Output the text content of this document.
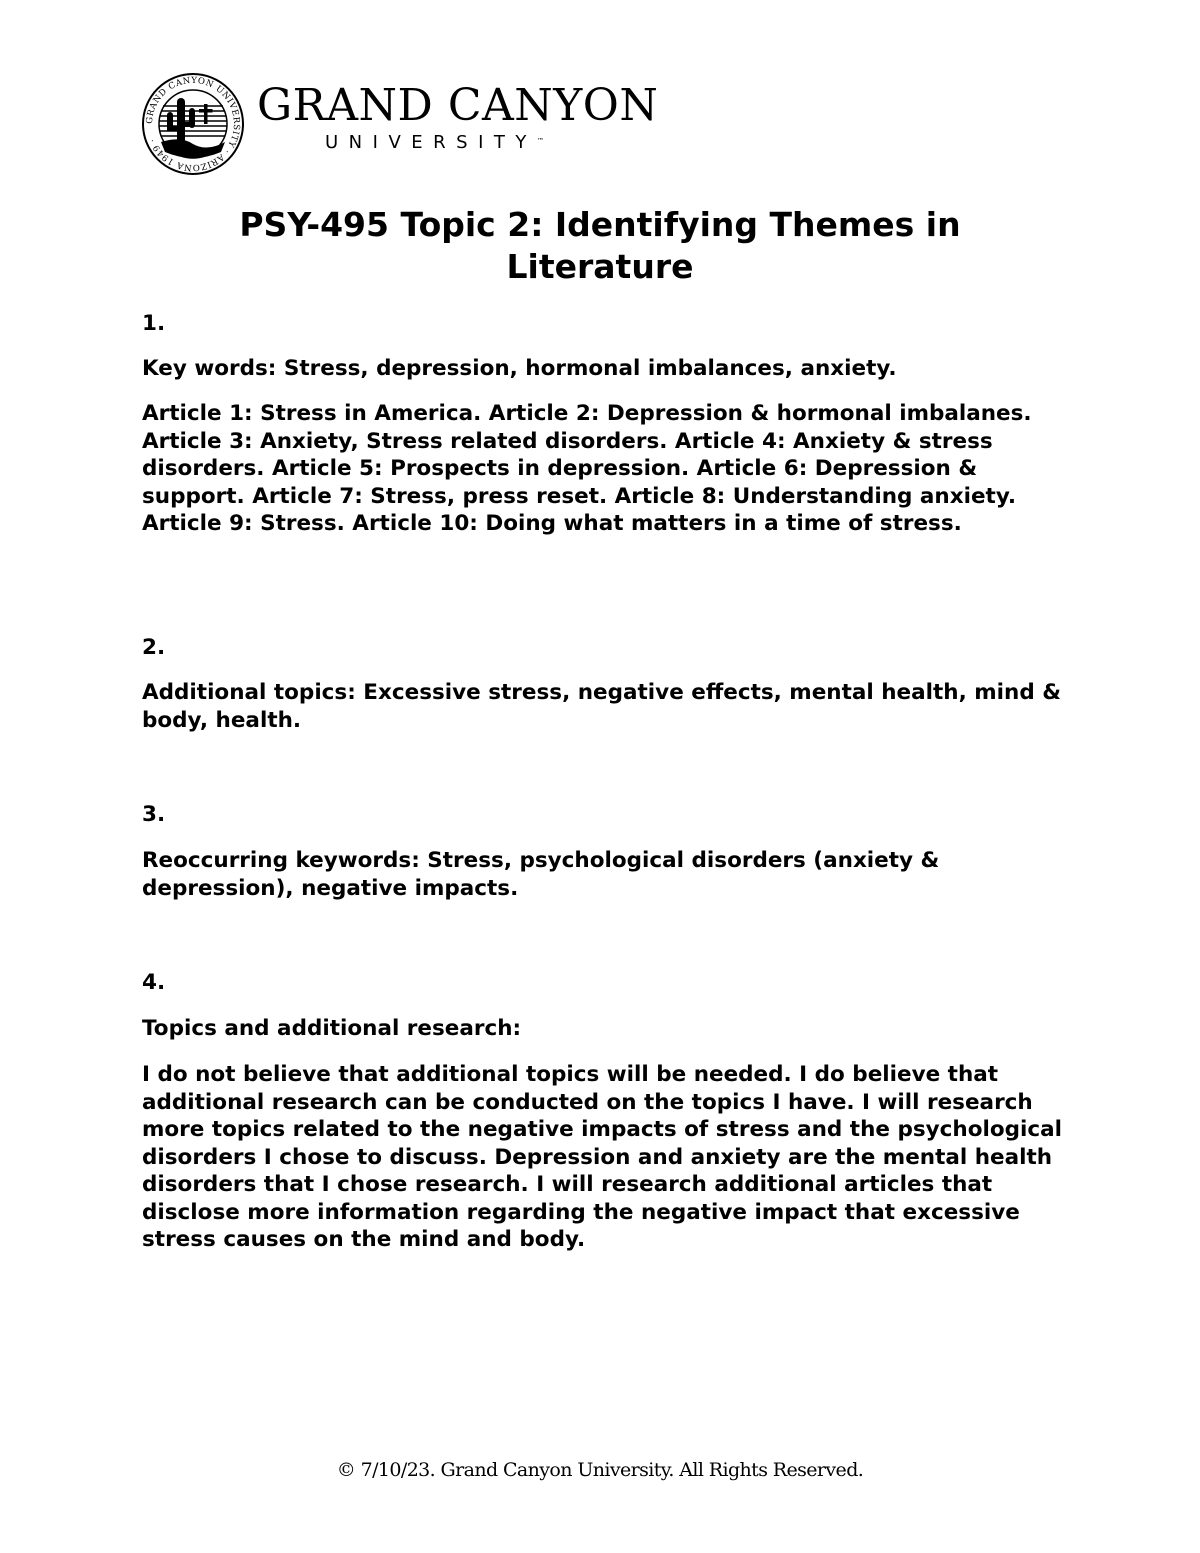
GRAND CANYON UNIVERSITY · ARIZONA 1949 ·
GRAND CANYON
UNIVERSITY™
PSY-495 Topic 2: Identifying Themes in Literature

1.

Key words: Stress, depression, hormonal imbalances, anxiety.

Article 1: Stress in America. Article 2: Depression & hormonal imbalanes. Article 3: Anxiety, Stress related disorders. Article 4: Anxiety & stress disorders. Article 5: Prospects in depression. Article 6: Depression & support. Article 7: Stress, press reset. Article 8: Understanding anxiety. Article 9: Stress. Article 10: Doing what matters in a time of stress.

2.

Additional topics: Excessive stress, negative effects, mental health, mind & body, health.

3.

Reoccurring keywords: Stress, psychological disorders (anxiety & depression), negative impacts.

4.

Topics and additional research:

I do not believe that additional topics will be needed. I do believe that additional research can be conducted on the topics I have. I will research more topics related to the negative impacts of stress and the psychological disorders I chose to discuss. Depression and anxiety are the mental health disorders that I chose research. I will research additional articles that disclose more information regarding the negative impact that excessive stress causes on the mind and body.

© 7/10/23. Grand Canyon University. All Rights Reserved.
